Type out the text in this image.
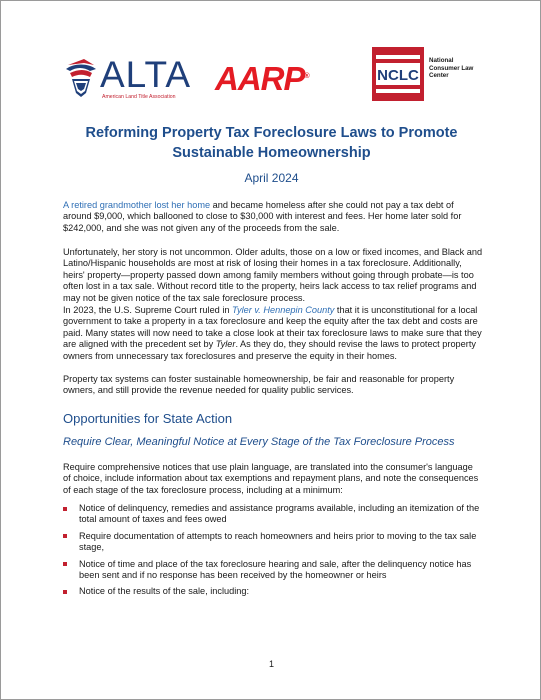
ALTA
American Land Title Association AARP®	NCLC
National
Consumer Law
Center
Reforming Property Tax Foreclosure Laws to Promote
Sustainable Homeownership
April 2024

A retired grandmother lost her home and became homeless after she could not pay a tax debt of around $9,000, which ballooned to close to $30,000 with interest and fees. Her home later sold for $242,000, and she was not given any of the proceeds from the sale.

Unfortunately, her story is not uncommon. Older adults, those on a low or fixed incomes, and Black and Latino/Hispanic households are most at risk of losing their homes in a tax foreclosure. Additionally, heirs' property—property passed down among family members without going through probate—is too often lost in a tax sale. Without record title to the property, heirs lack access to tax relief programs and may not be given notice of the tax sale foreclosure process.

In 2023, the U.S. Supreme Court ruled in Tyler v. Hennepin County that it is unconstitutional for a local government to take a property in a tax foreclosure and keep the equity after the tax debt and costs are paid. Many states will now need to take a close look at their tax foreclosure laws to make sure that they are aligned with the precedent set by Tyler. As they do, they should revise the laws to protect property owners from unnecessary tax foreclosures and preserve the equity in their homes.

Property tax systems can foster sustainable homeownership, be fair and reasonable for property owners, and still provide the revenue needed for quality public services.

Opportunities for State Action
Require Clear, Meaningful Notice at Every Stage of the Tax Foreclosure Process

Require comprehensive notices that use plain language, are translated into the consumer's language of choice, include information about tax exemptions and repayment plans, and note the consequences of each stage of the tax foreclosure process, including at a minimum:

Notice of delinquency, remedies and assistance programs available, including an itemization of the total amount of taxes and fees owed
Require documentation of attempts to reach homeowners and heirs prior to moving to the tax sale stage,
Notice of time and place of the tax foreclosure hearing and sale, after the delinquency notice has been sent and if no response has been received by the homeowner or heirs
Notice of the results of the sale, including:
1
